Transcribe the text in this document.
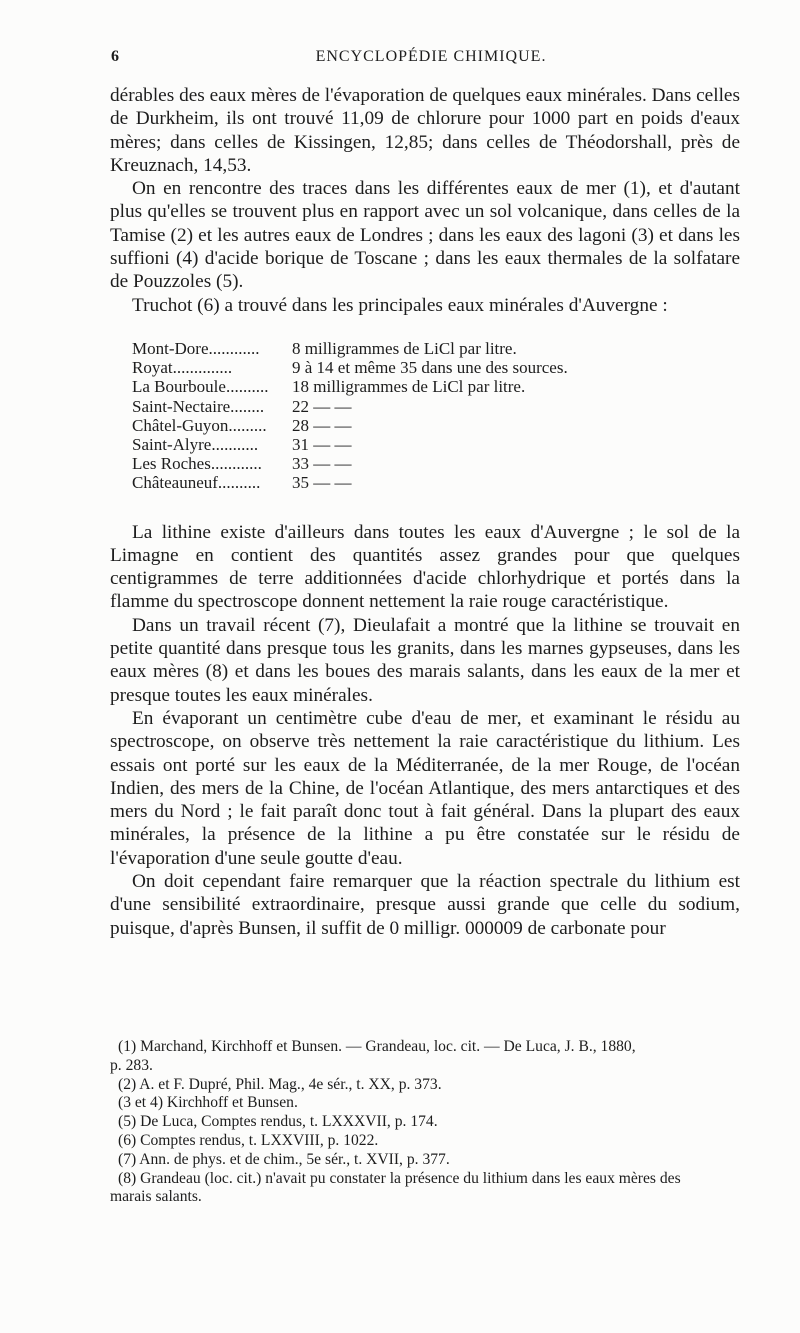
6	ENCYCLOPÉDIE CHIMIQUE.

dérables des eaux mères de l'évaporation de quelques eaux minérales. Dans celles de Durkheim, ils ont trouvé 11,09 de chlorure pour 1000 part en poids d'eaux mères; dans celles de Kissingen, 12,85; dans celles de Théodorshall, près de Kreuznach, 14,53.

On en rencontre des traces dans les différentes eaux de mer (1), et d'autant plus qu'elles se trouvent plus en rapport avec un sol volcanique, dans celles de la Tamise (2) et les autres eaux de Londres ; dans les eaux des lagoni (3) et dans les suffioni (4) d'acide borique de Toscane ; dans les eaux thermales de la solfatare de Pouzzoles (5).

Truchot (6) a trouvé dans les principales eaux minérales d'Auvergne :

Mont-Dore............	8 milligrammes de LiCl par litre.
Royat..............	9 à 14 et même 35 dans une des sources.
La Bourboule..........	18 milligrammes de LiCl par litre.
Saint-Nectaire........	22 — —
Châtel-Guyon.........	28 — —
Saint-Alyre...........	31 — —
Les Roches............	33 — —
Châteauneuf..........	35 — —

La lithine existe d'ailleurs dans toutes les eaux d'Auvergne ; le sol de la Limagne en contient des quantités assez grandes pour que quelques centigrammes de terre additionnées d'acide chlorhydrique et portés dans la flamme du spectroscope donnent nettement la raie rouge caractéristique.

Dans un travail récent (7), Dieulafait a montré que la lithine se trouvait en petite quantité dans presque tous les granits, dans les marnes gypseuses, dans les eaux mères (8) et dans les boues des marais salants, dans les eaux de la mer et presque toutes les eaux minérales.

En évaporant un centimètre cube d'eau de mer, et examinant le résidu au spectroscope, on observe très nettement la raie caractéristique du lithium. Les essais ont porté sur les eaux de la Méditerranée, de la mer Rouge, de l'océan Indien, des mers de la Chine, de l'océan Atlantique, des mers antarctiques et des mers du Nord ; le fait paraît donc tout à fait général. Dans la plupart des eaux minérales, la présence de la lithine a pu être constatée sur le résidu de l'évaporation d'une seule goutte d'eau.

On doit cependant faire remarquer que la réaction spectrale du lithium est d'une sensibilité extraordinaire, presque aussi grande que celle du sodium, puisque, d'après Bunsen, il suffit de 0 milligr. 000009 de carbonate pour

(1) Marchand, Kirchhoff et Bunsen. — Grandeau, loc. cit. — De Luca, J. B., 1880,
p. 283.
(2) A. et F. Dupré, Phil. Mag., 4e sér., t. XX, p. 373.
(3 et 4) Kirchhoff et Bunsen.
(5) De Luca, Comptes rendus, t. LXXXVII, p. 174.
(6) Comptes rendus, t. LXXVIII, p. 1022.
(7) Ann. de phys. et de chim., 5e sér., t. XVII, p. 377.
(8) Grandeau (loc. cit.) n'avait pu constater la présence du lithium dans les eaux mères des
marais salants.
